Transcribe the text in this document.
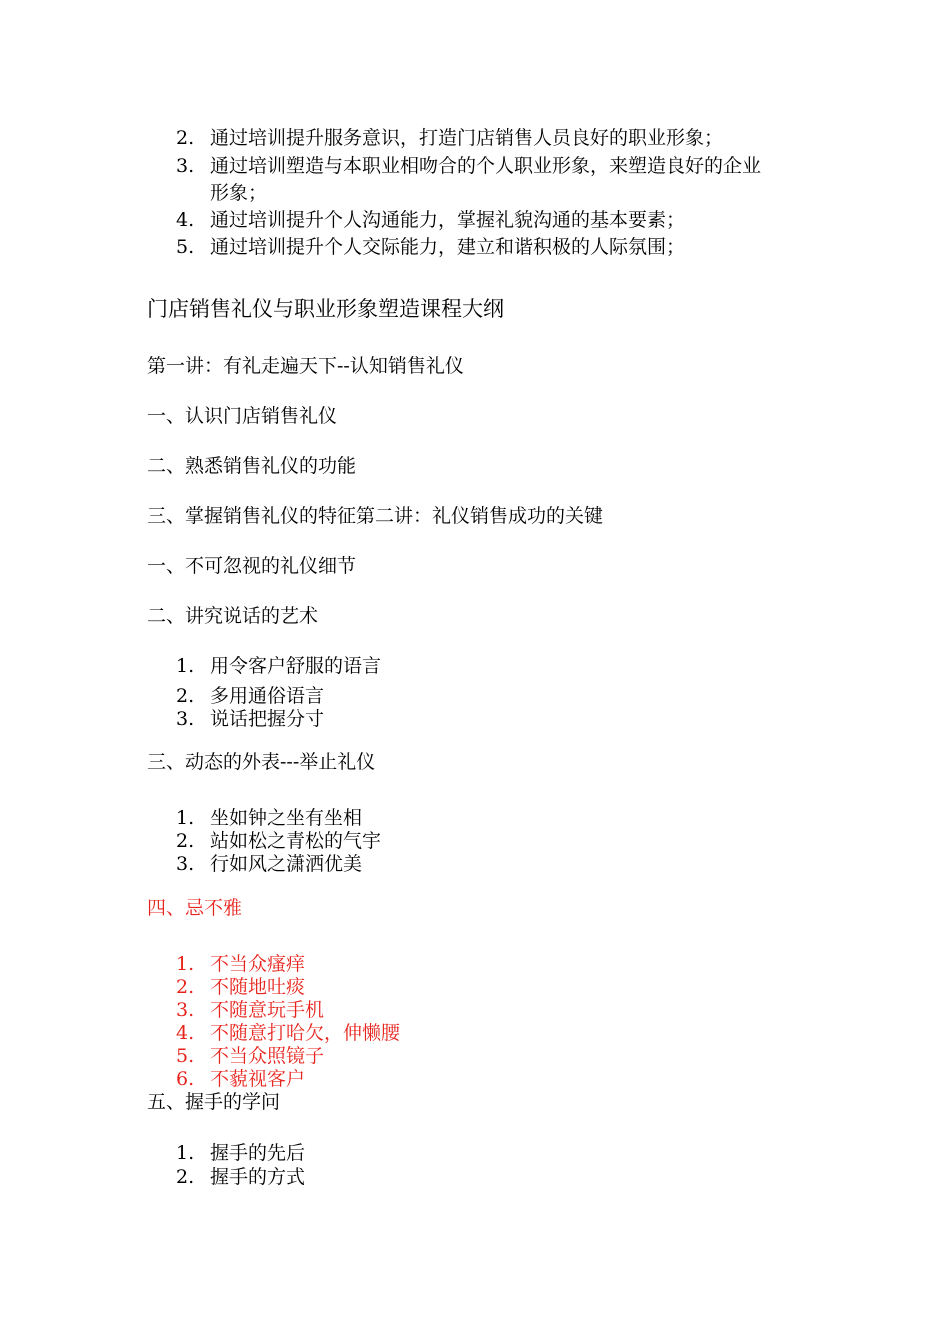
2. 通过培训提升服务意识，打造门店销售人员良好的职业形象；
3. 通过培训塑造与本职业相吻合的个人职业形象，来塑造良好的企业
形象；
4. 通过培训提升个人沟通能力，掌握礼貌沟通的基本要素；
5. 通过培训提升个人交际能力，建立和谐积极的人际氛围；
门店销售礼仪与职业形象塑造课程大纲
第一讲：有礼走遍天下--认知销售礼仪
一、认识门店销售礼仪
二、熟悉销售礼仪的功能
三、掌握销售礼仪的特征第二讲：礼仪销售成功的关键
一、不可忽视的礼仪细节
二、讲究说话的艺术
1. 用令客户舒服的语言
2. 多用通俗语言
3. 说话把握分寸
三、动态的外表---举止礼仪
1. 坐如钟之坐有坐相
2. 站如松之青松的气宇
3. 行如风之潇洒优美
四、忌不雅
1. 不当众瘙痒
2. 不随地吐痰
3. 不随意玩手机
4. 不随意打哈欠，伸懒腰
5. 不当众照镜子
6. 不藐视客户
五、握手的学问
1. 握手的先后
2. 握手的方式
